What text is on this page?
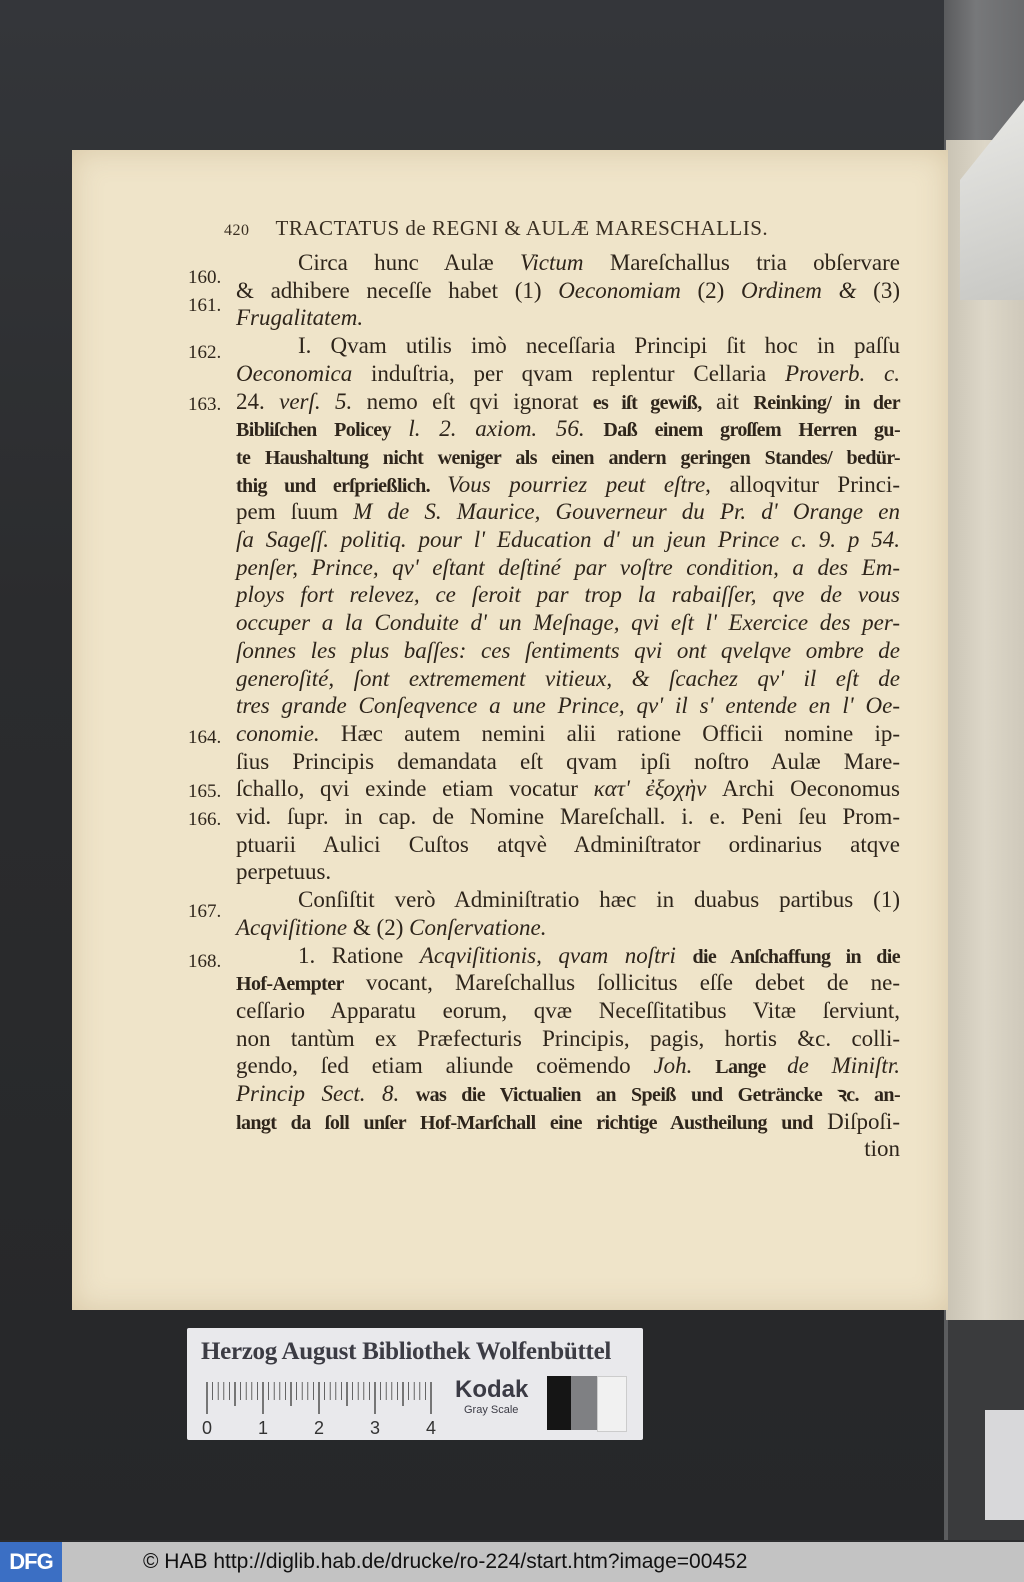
420 TRACTATUS de REGNI & AULÆ MARESCHALLIS.
Circa hunc Aulæ Victum Mareſchallus tria obſervare
& adhibere neceſſe habet (1) Oeconomiam (2) Ordinem & (3)
Frugalitatem.
I. Qvam utilis imò neceſſaria Principi ſit hoc in paſſu
Oeconomica induſtria, per qvam replentur Cellaria Proverb. c.
24. verſ. 5. nemo eſt qvi ignorat es iſt gewiß, ait Reinking/ in der
Bibliſchen Policey l. 2. axiom. 56. Daß einem groſſem Herren gu-
te Haushaltung nicht weniger als einen andern geringen Standes/ bedür-
thig und erſprießlich. Vous pourriez peut eſtre, alloqvitur Princi-
pem ſuum M de S. Maurice, Gouverneur du Pr. d' Orange en
ſa Sageſſ. politiq. pour l' Education d' un jeun Prince c. 9. p 54.
penſer, Prince, qv' eſtant deſtiné par voſtre condition, a des Em-
ploys fort relevez, ce ſeroit par trop la rabaiſſer, qve de vous
occuper a la Conduite d' un Meſnage, qvi eſt l' Exercice des per-
ſonnes les plus baſſes: ces ſentiments qvi ont qvelqve ombre de
generoſité, ſont extremement vitieux, & ſcachez qv' il eſt de
tres grande Conſeqvence a une Prince, qv' il s' entende en l' Oe-
conomie. Hæc autem nemini alii ratione Officii nomine ip-
ſius Principis demandata eſt qvam ipſi noſtro Aulæ Mare-
ſchallo, qvi exinde etiam vocatur κατ' ἐξοχὴν Archi Oeconomus
vid. ſupr. in cap. de Nomine Mareſchall. i. e. Peni ſeu Prom-
ptuarii Aulici Cuſtos atqvè Adminiſtrator ordinarius atqve
perpetuus.
Conſiſtit verò Adminiſtratio hæc in duabus partibus (1)
Acqviſitione & (2) Conſervatione.
1. Ratione Acqviſitionis, qvam noſtri die Anſchaffung in die
Hof-Aempter vocant, Mareſchallus ſollicitus eſſe debet de ne-
ceſſario Apparatu eorum, qvæ Neceſſitatibus Vitæ ſerviunt,
non tantùm ex Præfecturis Principis, pagis, hortis &c. colli-
gendo, ſed etiam aliunde coëmendo Joh. Lange de Miniſtr.
Princip Sect. 8. was die Victualien an Speiß und Geträncke ꝛc. an-
langt da ſoll unſer Hof-Marſchall eine richtige Austheilung und Diſpoſi-
tion
160.
161.
162.
163.
164.
165.
166.
167.
168.
Herzog August Bibliothek Wolfenbüttel
0	1	2	3	4
Kodak
Gray Scale
DFG	© HAB http://diglib.hab.de/drucke/ro-224/start.htm?image=00452
